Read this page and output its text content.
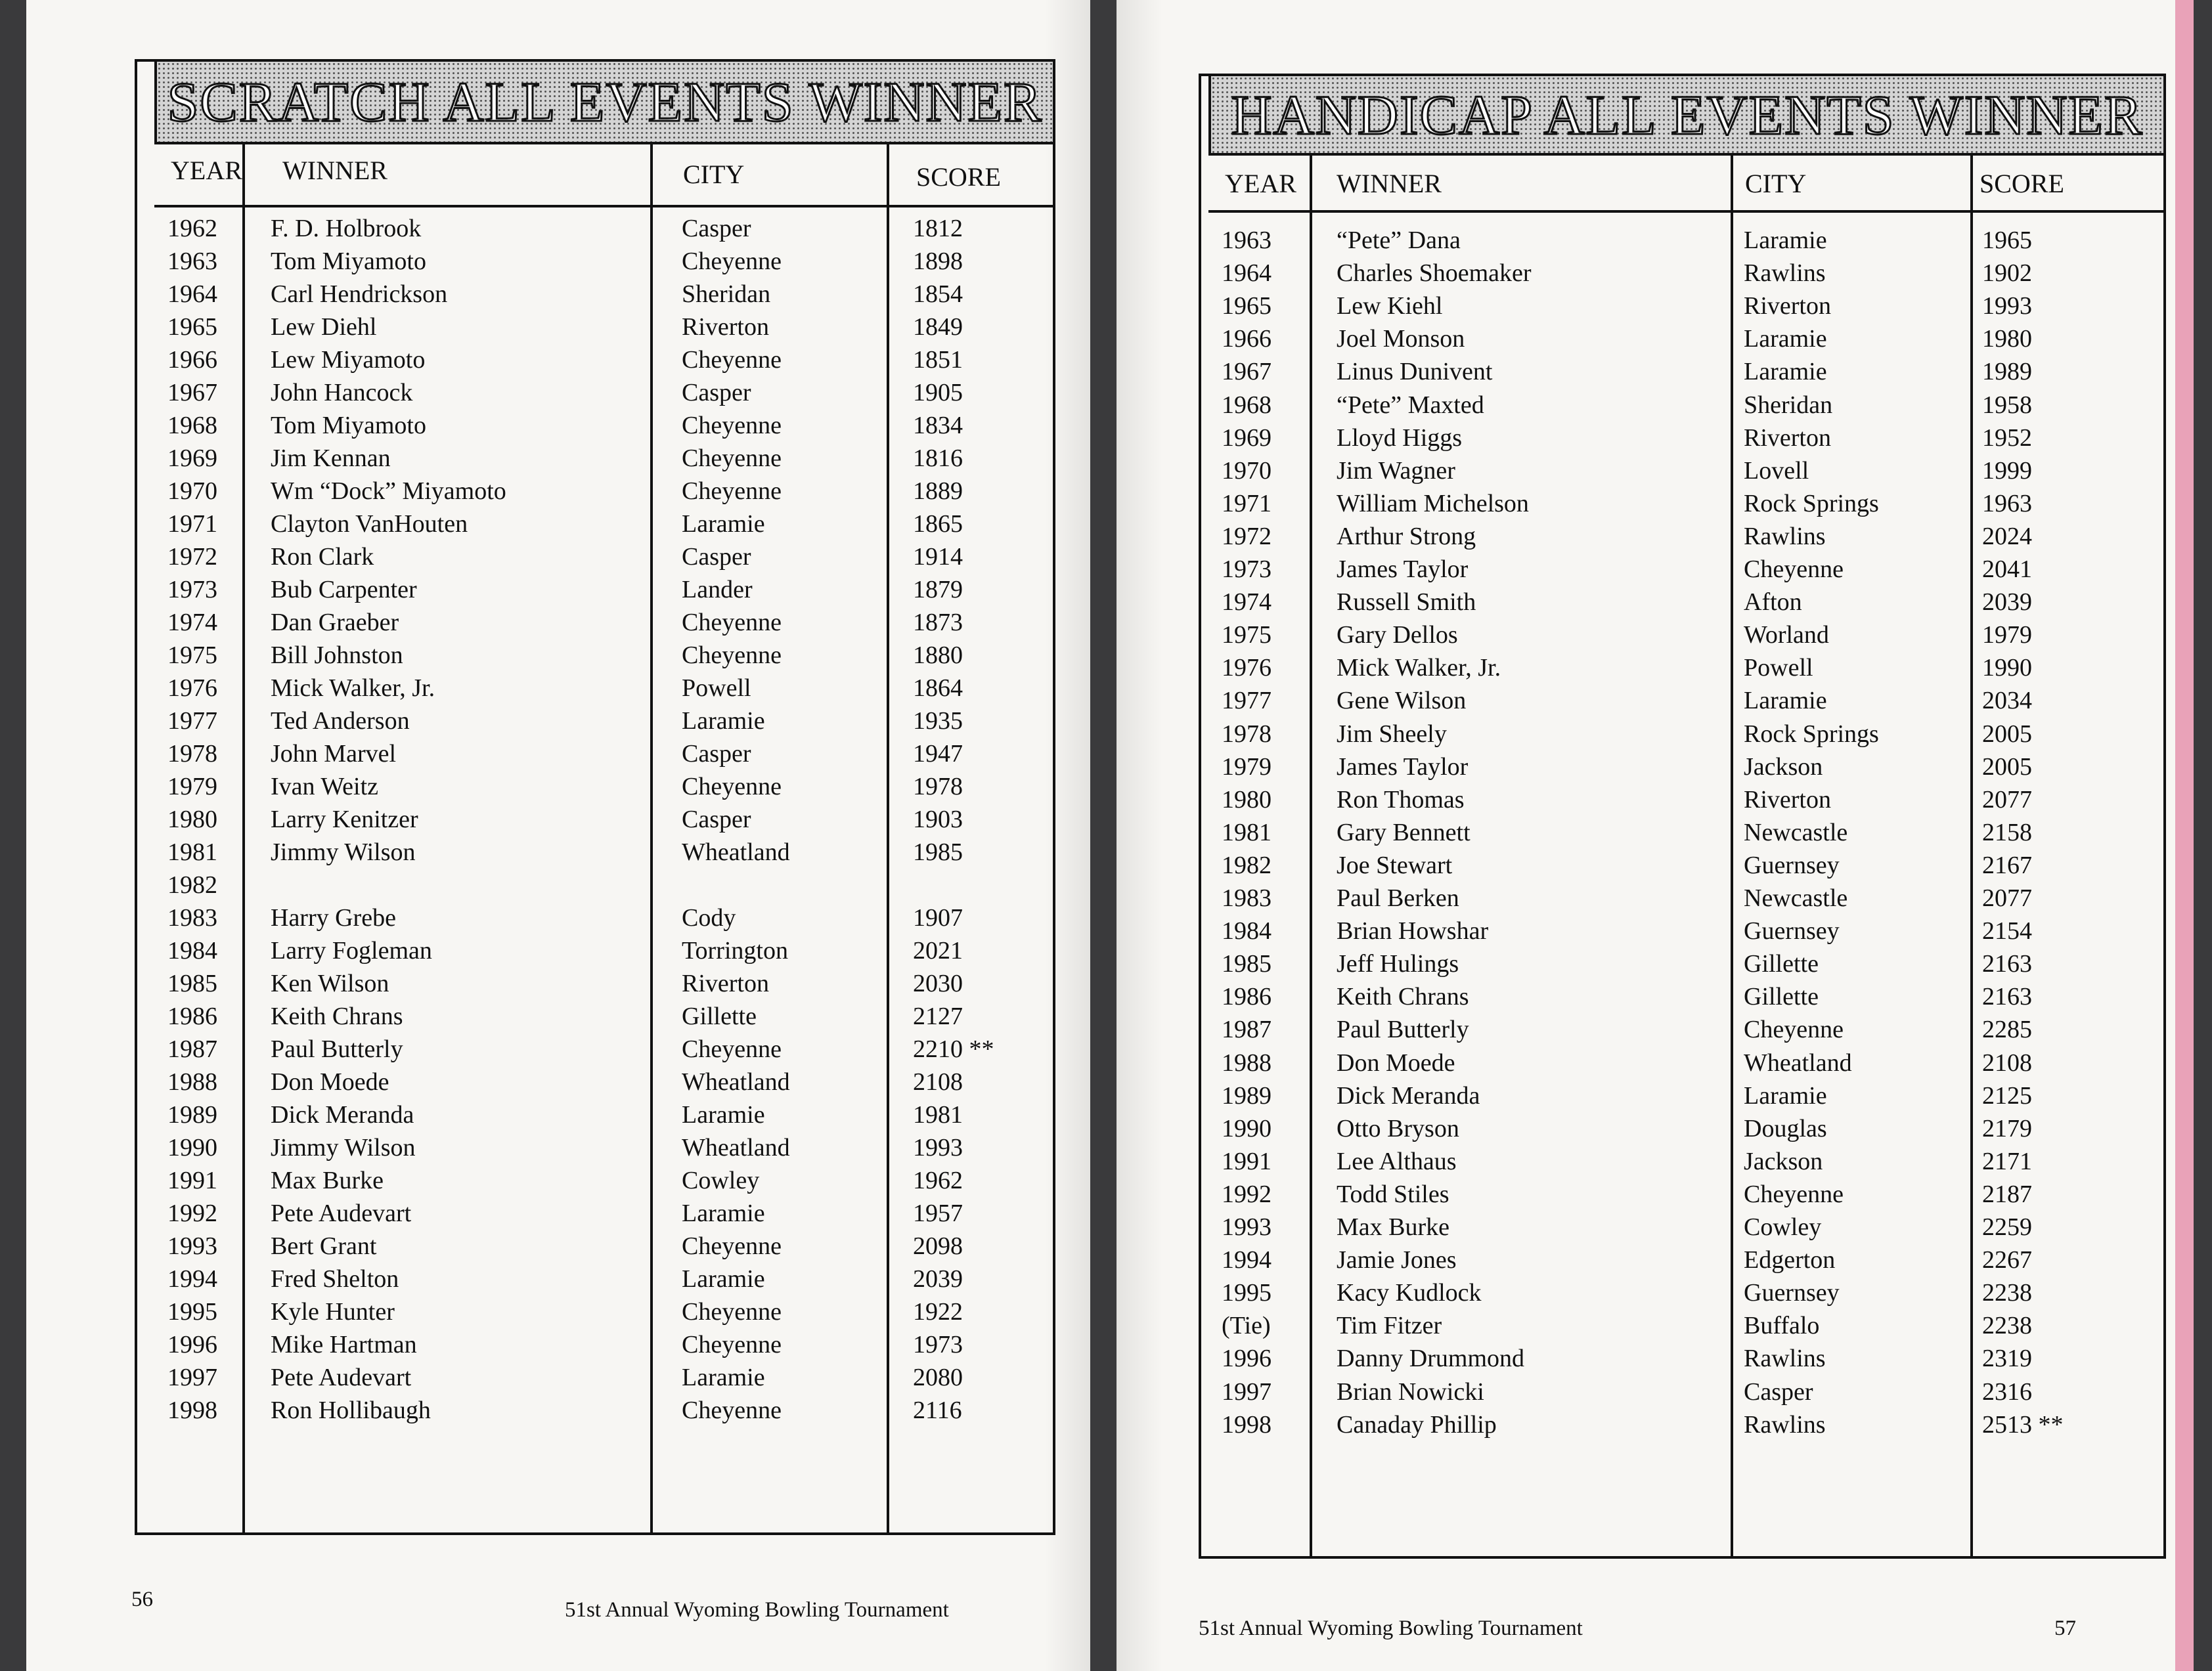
SCRATCH ALL EVENTS WINNER
YEAR WINNER	CITY	SCORE
1962 F. D. Holbrook	Casper	1812
1963 Tom Miyamoto	Cheyenne	1898
1964 Carl Hendrickson	Sheridan	1854
1965 Lew Diehl	Riverton	1849
1966 Lew Miyamoto	Cheyenne	1851
1967 John Hancock	Casper	1905
1968 Tom Miyamoto	Cheyenne	1834
1969 Jim Kennan	Cheyenne	1816
1970 Wm “Dock” Miyamoto	Cheyenne	1889
1971 Clayton VanHouten	Laramie	1865
1972 Ron Clark	Casper	1914
1973 Bub Carpenter	Lander	1879
1974 Dan Graeber	Cheyenne	1873
1975 Bill Johnston	Cheyenne	1880
1976 Mick Walker, Jr.	Powell	1864
1977 Ted Anderson	Laramie	1935
1978 John Marvel	Casper	1947
1979 Ivan Weitz	Cheyenne	1978
1980 Larry Kenitzer	Casper	1903
1981 Jimmy Wilson	Wheatland	1985
1982
1983 Harry Grebe	Cody	1907
1984 Larry Fogleman	Torrington	2021
1985 Ken Wilson	Riverton	2030
1986 Keith Chrans	Gillette	2127
1987 Paul Butterly	Cheyenne	2210 **
1988 Don Moede	Wheatland	2108
1989 Dick Meranda	Laramie	1981
1990 Jimmy Wilson	Wheatland	1993
1991 Max Burke	Cowley	1962
1992 Pete Audevart	Laramie	1957
1993 Bert Grant	Cheyenne	2098
1994 Fred Shelton	Laramie	2039
1995 Kyle Hunter	Cheyenne	1922
1996 Mike Hartman	Cheyenne	1973
1997 Pete Audevart	Laramie	2080
1998 Ron Hollibaugh	Cheyenne	2116
56	51st Annual Wyoming Bowling Tournament
HANDICAP ALL EVENTS WINNER
YEAR WINNER	CITY	SCORE
1963	“Pete” Dana	Laramie	1965
1964	Charles Shoemaker	Rawlins	1902
1965	Lew Kiehl	Riverton	1993
1966	Joel Monson	Laramie	1980
1967	Linus Dunivent	Laramie	1989
1968	“Pete” Maxted	Sheridan	1958
1969	Lloyd Higgs	Riverton	1952
1970	Jim Wagner	Lovell	1999
1971	William Michelson	Rock Springs	1963
1972	Arthur Strong	Rawlins	2024
1973	James Taylor	Cheyenne	2041
1974	Russell Smith	Afton	2039
1975	Gary Dellos	Worland	1979
1976	Mick Walker, Jr.	Powell	1990
1977	Gene Wilson	Laramie	2034
1978	Jim Sheely	Rock Springs	2005
1979	James Taylor	Jackson	2005
1980	Ron Thomas	Riverton	2077
1981	Gary Bennett	Newcastle	2158
1982	Joe Stewart	Guernsey	2167
1983	Paul Berken	Newcastle	2077
1984	Brian Howshar	Guernsey	2154
1985	Jeff Hulings	Gillette	2163
1986	Keith Chrans	Gillette	2163
1987	Paul Butterly	Cheyenne	2285
1988	Don Moede	Wheatland	2108
1989	Dick Meranda	Laramie	2125
1990	Otto Bryson	Douglas	2179
1991	Lee Althaus	Jackson	2171
1992	Todd Stiles	Cheyenne	2187
1993	Max Burke	Cowley	2259
1994	Jamie Jones	Edgerton	2267
1995	Kacy Kudlock	Guernsey	2238
(Tie)	Tim Fitzer	Buffalo	2238
1996	Danny Drummond	Rawlins	2319
1997	Brian Nowicki	Casper	2316
1998	Canaday Phillip	Rawlins	2513 **
51st Annual Wyoming Bowling Tournament	57
